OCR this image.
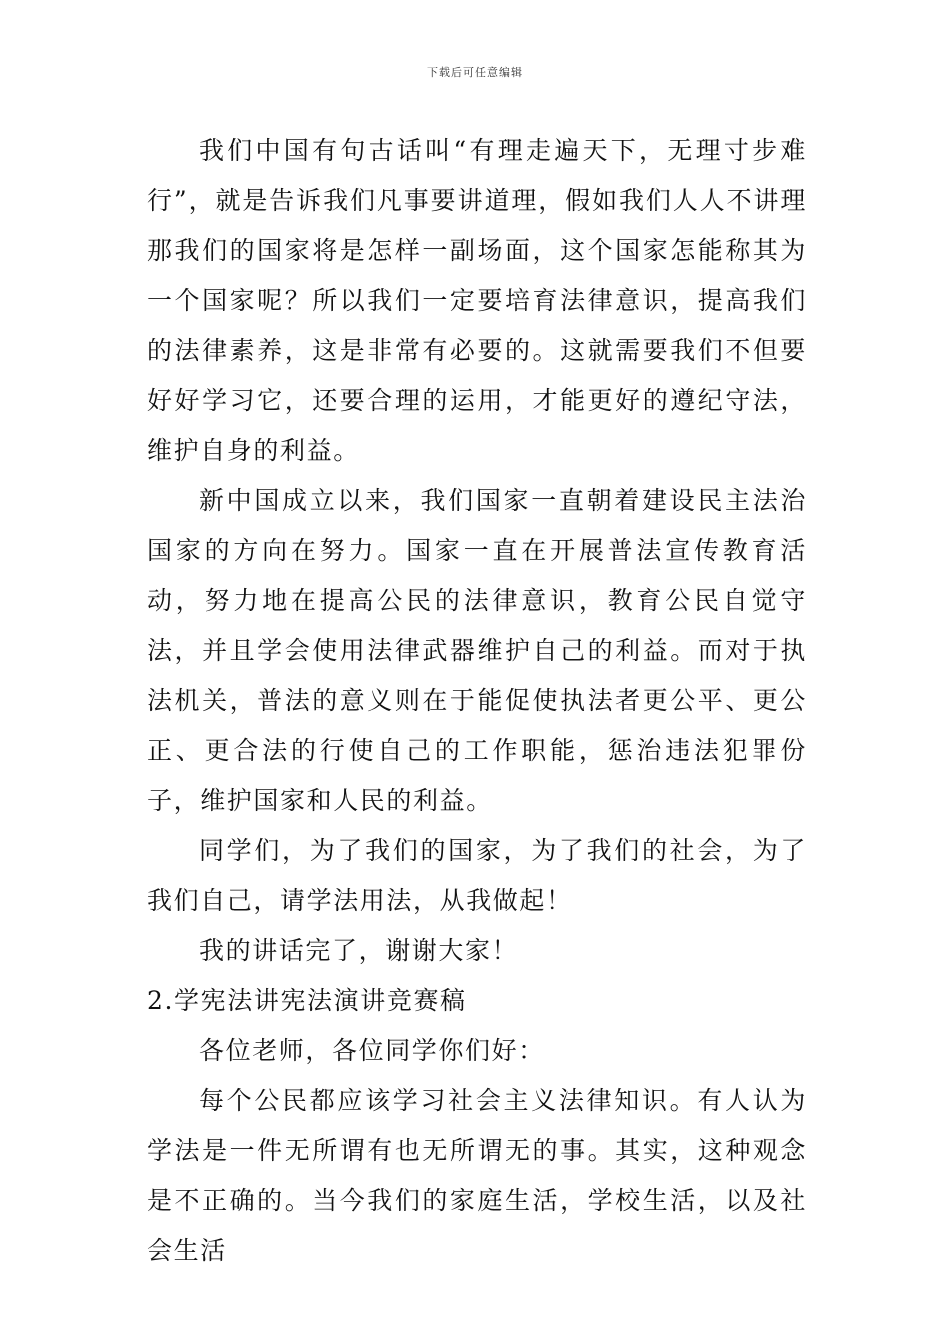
下载后可任意编辑

我们中国有句古话叫“有理走遍天下，无理寸步难行”，就是告诉我们凡事要讲道理，假如我们人人不讲理那我们的国家将是怎样一副场面，这个国家怎能称其为一个国家呢？所以我们一定要培育法律意识，提高我们的法律素养，这是非常有必要的。这就需要我们不但要好好学习它，还要合理的运用，才能更好的遵纪守法，维护自身的利益。

新中国成立以来，我们国家一直朝着建设民主法治国家的方向在努力。国家一直在开展普法宣传教育活动，努力地在提高公民的法律意识，教育公民自觉守法，并且学会使用法律武器维护自己的利益。而对于执法机关，普法的意义则在于能促使执法者更公平、更公正、更合法的行使自己的工作职能，惩治违法犯罪份子，维护国家和人民的利益。

同学们，为了我们的国家，为了我们的社会，为了我们自己，请学法用法，从我做起！

我的讲话完了，谢谢大家！

2.学宪法讲宪法演讲竞赛稿

各位老师，各位同学你们好：

每个公民都应该学习社会主义法律知识。有人认为学法是一件无所谓有也无所谓无的事。其实，这种观念是不正确的。当今我们的家庭生活，学校生活，以及社会生活
